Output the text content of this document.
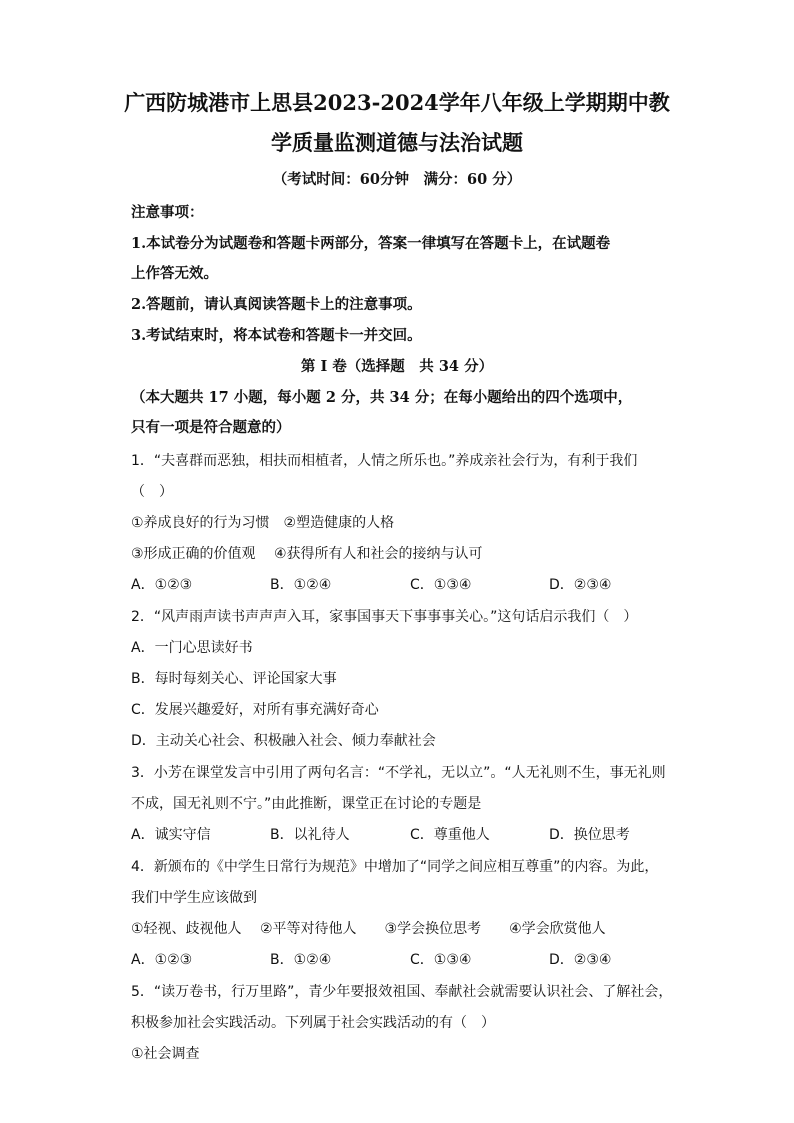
广西防城港市上思县2023-2024学年八年级上学期期中教
学质量监测道德与法治试题
（考试时间：60分钟　满分：60 分）
注意事项：
1.本试卷分为试题卷和答题卡两部分，答案一律填写在答题卡上，在试题卷
上作答无效。
2.答题前，请认真阅读答题卡上的注意事项。
3.考试结束时，将本试卷和答题卡一并交回。
第 I 卷（选择题　共 34 分）
（本大题共 17 小题，每小题 2 分，共 34 分；在每小题给出的四个选项中，
只有一项是符合题意的）
1．“夫喜群而恶独，相扶而相植者，人情之所乐也。”养成亲社会行为，有利于我们
（　）
①养成良好的行为习惯　②塑造健康的人格
③形成正确的价值观　 ④获得所有人和社会的接纳与认可
A．①②③	B．①②④	C．①③④	D．②③④
2．“风声雨声读书声声声入耳，家事国事天下事事事关心。”这句话启示我们（　）
A．一门心思读好书
B．每时每刻关心、评论国家大事
C．发展兴趣爱好，对所有事充满好奇心
D．主动关心社会、积极融入社会、倾力奉献社会
3．小芳在课堂发言中引用了两句名言：“不学礼，无以立”。“人无礼则不生，事无礼则
不成，国无礼则不宁。”由此推断，课堂正在讨论的专题是
A．诚实守信	B．以礼待人	C．尊重他人	D．换位思考
4．新颁布的《中学生日常行为规范》中增加了“同学之间应相互尊重”的内容。为此，
我们中学生应该做到
①轻视、歧视他人　 ②平等对待他人　　③学会换位思考　　④学会欣赏他人
A．①②③	B．①②④	C．①③④	D．②③④
5．“读万卷书，行万里路”，青少年要报效祖国、奉献社会就需要认识社会、了解社会，
积极参加社会实践活动。下列属于社会实践活动的有（　）
①社会调查
